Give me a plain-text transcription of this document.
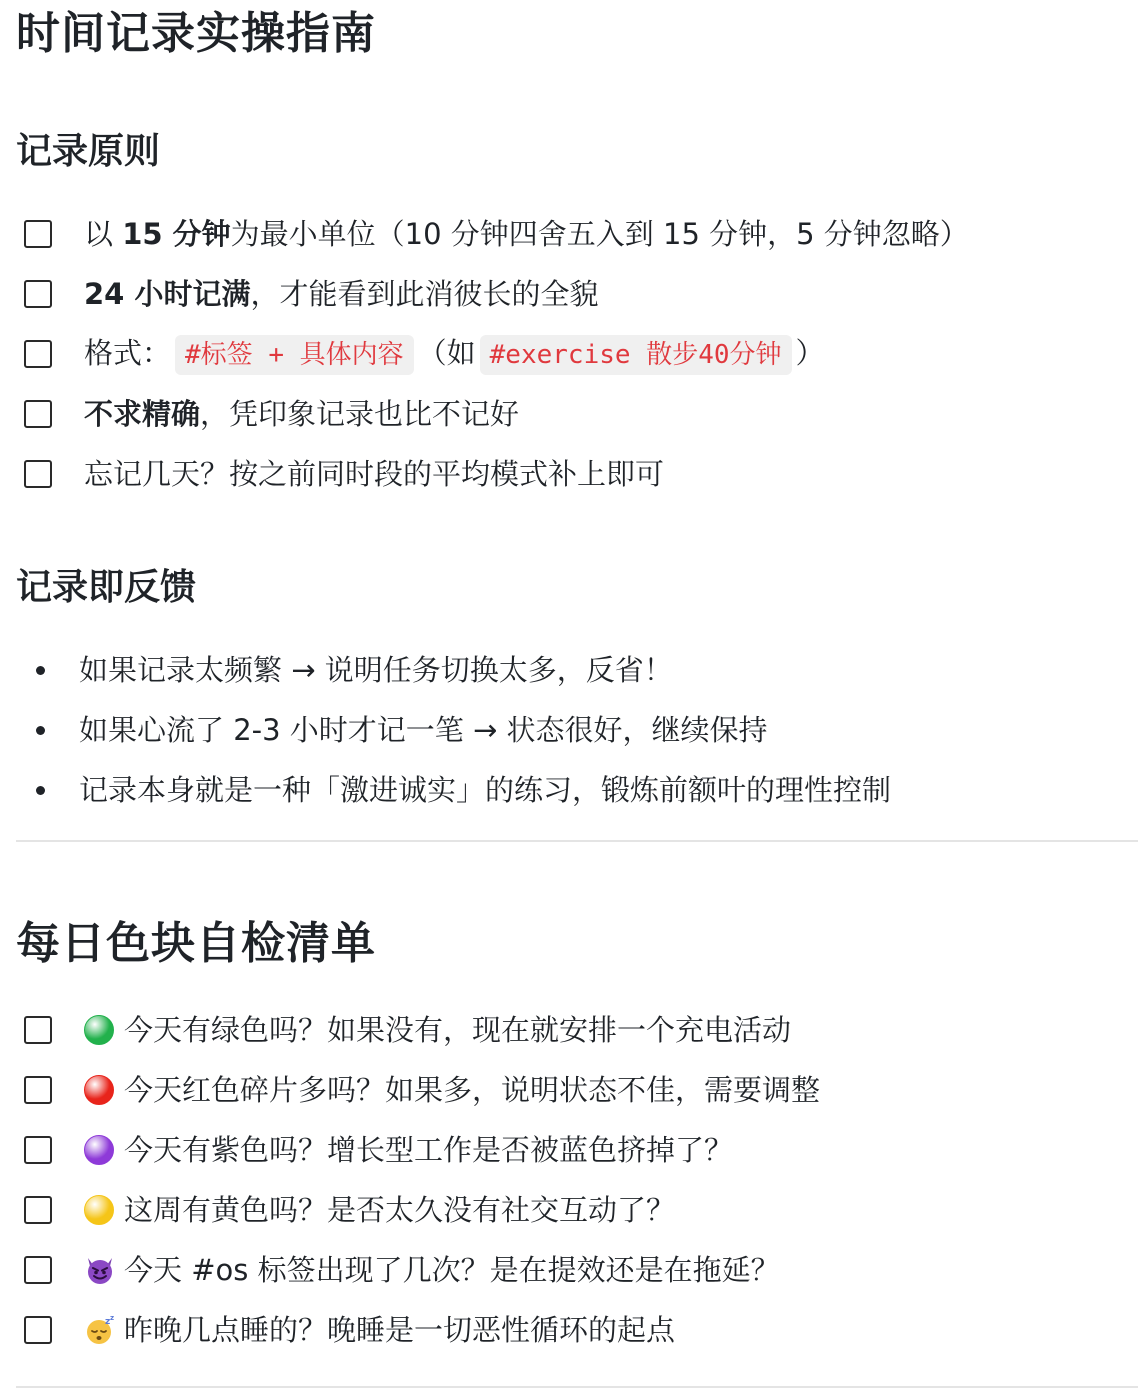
时间记录实操指南
记录原则
以 15 分钟为最小单位（10 分钟四舍五入到 15 分钟，5 分钟忽略）
24 小时记满，才能看到此消彼长的全貌
格式： #标签 + 具体内容 （如 #exercise 散步40分钟 ）
不求精确，凭印象记录也比不记好
忘记几天？按之前同时段的平均模式补上即可
记录即反馈
如果记录太频繁 → 说明任务切换太多，反省！
如果心流了 2-3 小时才记一笔 → 状态很好，继续保持
记录本身就是一种「激进诚实」的练习，锻炼前额叶的理性控制
每日色块自检清单
今天有绿色吗？如果没有，现在就安排一个充电活动
今天红色碎片多吗？如果多，说明状态不佳，需要调整
今天有紫色吗？增长型工作是否被蓝色挤掉了？
这周有黄色吗？是否太久没有社交互动了？
今天 #os 标签出现了几次？是在提效还是在拖延？
z z 昨晚几点睡的？晚睡是一切恶性循环的起点
